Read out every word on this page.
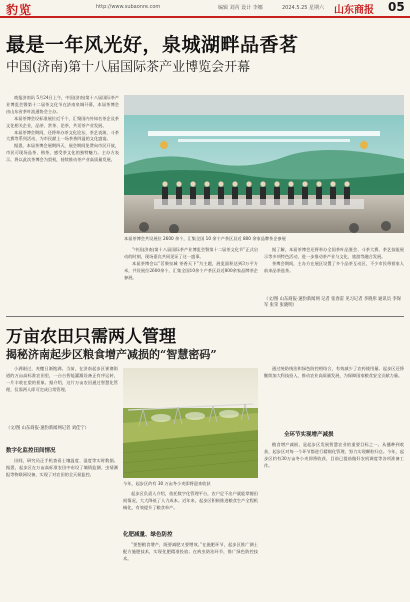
豹览	http://www.subaonre.com	编辑 刘芮 设计 李娜	2024.5.25 星期六 山东商报 05
最是一年风光好，泉城湖畔品香茗
中国(济南)第十八届国际茶产业博览会开幕

商报济南讯 5月24日上午，中国(济南)第十八届国际茶产业博览会暨第十二届茶文化节在济南泉城开幕，本届茶博会由山东省茶叶流通协会主办。

本届茶博会设标准展位近千个，汇聚国内外知名茶企及茶文化相关企业，品茶、赏茶、论茶，共话茶产业发展。

本届茶博会期间，还将举办茶文化论坛、茶艺表演、斗茶大赛等系列活动，为市民献上一场茶香四溢的文化盛宴。

据悉，本届茶博会展期四天，展会期间免费向市民开放，市民可现场品茶、购茶，感受茶文化的独特魅力。主办方表示，将以此次茶博会为契机，持续推动茶产业高质量发展。

本届茶博会共设展位 2600 余个，汇集全国 10 余个产茶区县近 800 余家品牌茶企参展

“中国(济南)第十八届国际茶产业博览会暨第十二届茶文化节”正式启动的时刻，现场嘉宾共同见证了这一盛事。

本届茶博会以“茗聚泉城 茶香天下”为主题，展览面积达到3万平方米，共设展位2600余个，汇集全国10余个产茶区县近800余家品牌茶企参展。

据了解，本届茶博会还将举办全国茶叶品鉴会、斗茶大赛、茶艺技能展示等多项特色活动，进一步推动茶产业与文化、旅游等融合发展。

茶博会期间，主办方在展区设置了多个品茶互动区，不少市民带着家人前来品茶选茶。

（文/图 山东商报·速豹新闻网 记者 张春雷 见习记者 李晓彤 通讯员 李保军 张荣 张晓明）
万亩农田只需两人管理
揭秘济南起步区粮食增产减损的“智慧密码”

小满刚过，麦穗日渐饱满。当前，在济南起步区崔寨街道的万亩高标准农田里，一台台智能灌溉设备正有序运转，一片丰收在望的景象。据介绍，这片万亩农田通过智慧化管理，仅需两人即可完成日常管理。

（文/图 山东商报·速豹新闻网记者 刘佳宁）
数字化监控田间情况

田间，研究员正手机查看土壤温度、湿度等实时数据。据悉，起步区在万亩高标准农田中布设了墒情监测、虫情测报等物联网设备，实现了对农田的全天候监控。

今年，起步区约有 30 万亩冬小麦即将迎来收获

起步区负责人介绍，依托数字化管理平台，农户足不出户就能掌握田间情况，大大降低了人力成本。近年来，起步区积极推进粮食生产全程机械化，有效提升了粮食单产。

化肥减量、绿色防控

“要想粮食增产，既要减肥又要增效。”在施肥环节，起步区推广测土配方施肥技术，实现化肥精准投放；在病虫防治环节，推广绿色防控技术。

通过统防统治和绿色防控相结合，有效减少了农药使用量。起步区还将继续加大科技投入，推动农业高质量发展，为保障国家粮食安全贡献力量。

全环节实现增产减损

粮食增产减损，是起步区发展智慧农业的重要目标之一。从播种到收获，起步区对每一个环节都进行精细化管理，努力实现颗粒归仓。今年，起步区约有30万亩冬小麦即将收获，目前已提前做好农机调度等各项准备工作。
